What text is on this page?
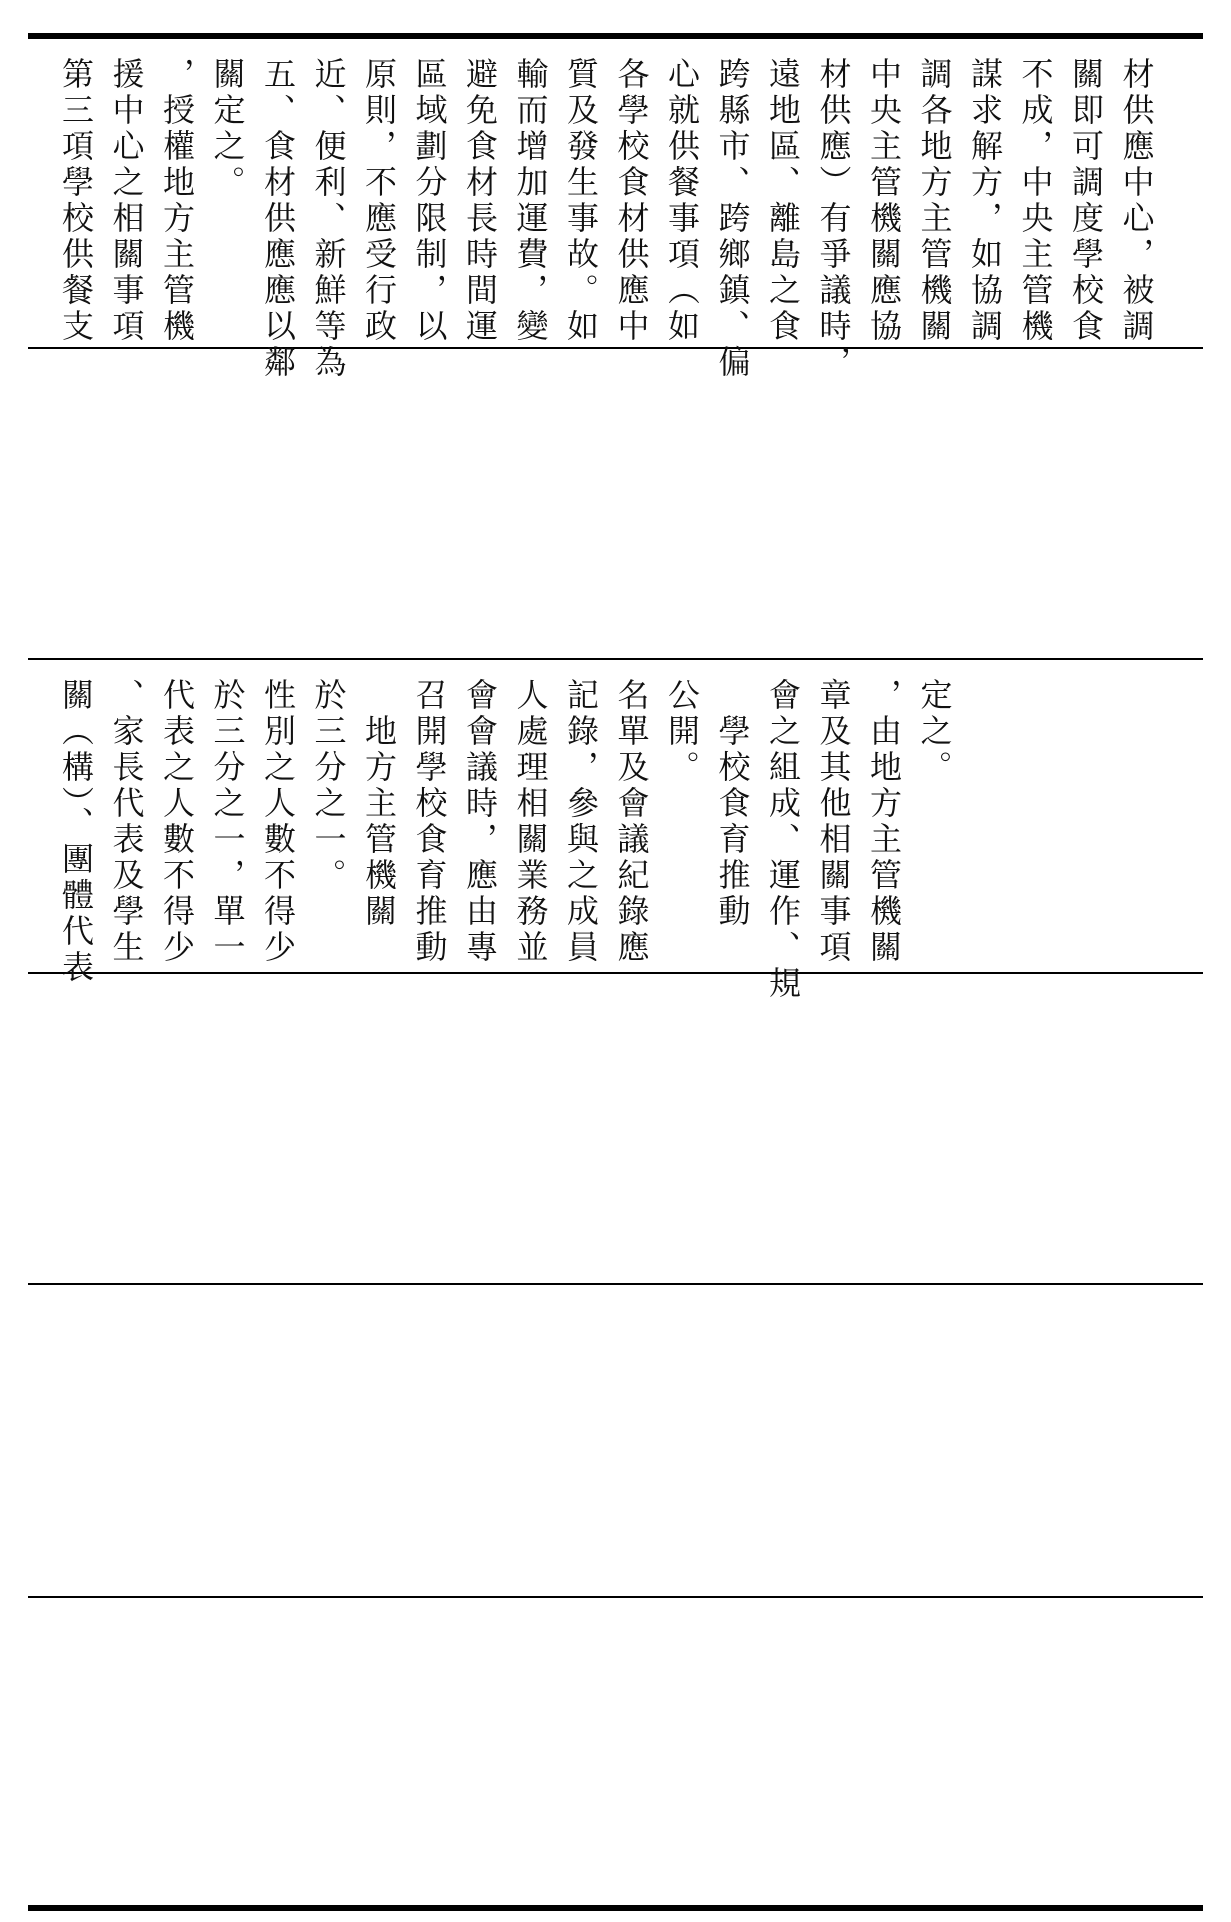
第三項學校供餐支 援中心之相關事項 ，授權地方主管機 關定之。 五、食材供應應以鄰 近、便利、新鮮等為 原則，不應受行政 區域劃分限制，以 避免食材長時間運 輸而增加運費，變 質及發生事故。如 各學校食材供應中 心就供餐事項（如 跨縣市、跨鄉鎮、偏 遠地區、離島之食 材供應）有爭議時， 中央主管機關應協 調各地方主管機關 謀求解方，如協調 不成，中央主管機 關即可調度學校食 材供應中心，被調
關（構）、團體代表 、家長代表及學生 代表之人數不得少 於三分之一，單一 性別之人數不得少 於三分之一。 　地方主管機關 召開學校食育推動 會會議時，應由專 人處理相關業務並 記錄，參與之成員 名單及會議紀錄應 公開。 　學校食育推動 會之組成、運作、規 章及其他相關事項 ，由地方主管機關 定之。
